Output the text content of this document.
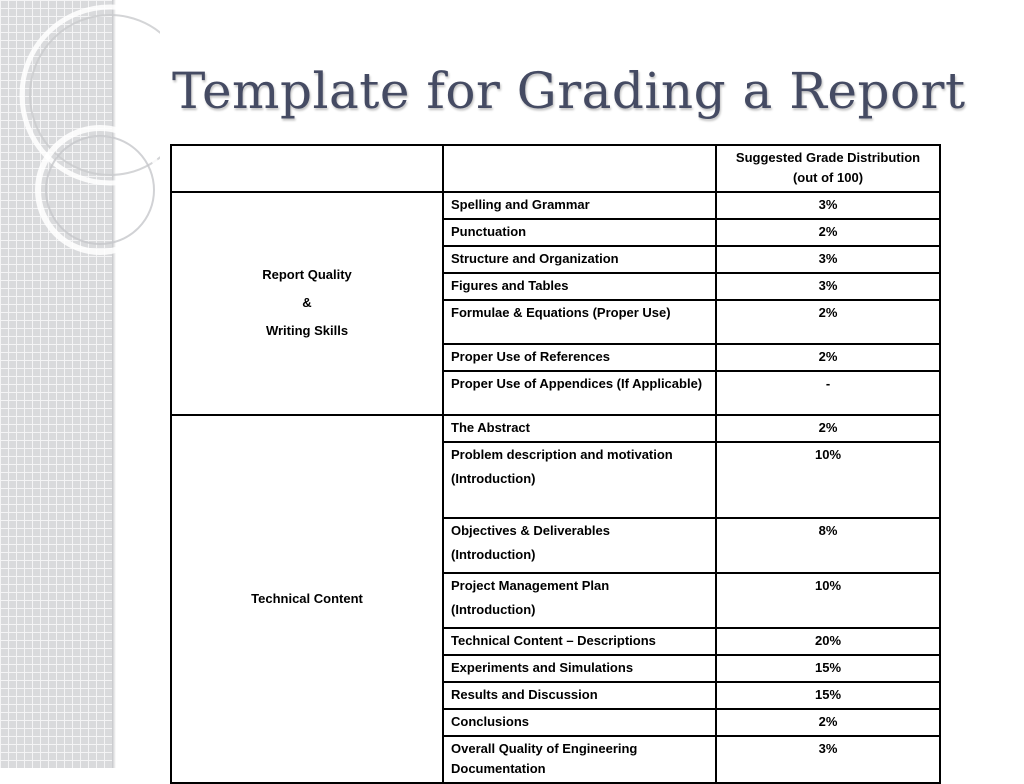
Template for Grading a Report
		Suggested Grade Distribution
(out of 100)

Report Quality
&
Writing Skills	Spelling and Grammar	3%
	Punctuation	2%
	Structure and Organization	3%
	Figures and Tables	3%
	Formulae & Equations (Proper Use)	2%
	Proper Use of References	2%
	Proper Use of Appendices (If Applicable)	-
Technical Content	The Abstract	2%
	Problem description and motivation
(Introduction)	10%
	Objectives & Deliverables
(Introduction)	8%
	Project Management Plan
(Introduction)	10%
	Technical Content – Descriptions	20%
	Experiments and Simulations	15%
	Results and Discussion	15%
	Conclusions	2%
	Overall Quality of Engineering Documentation	3%
